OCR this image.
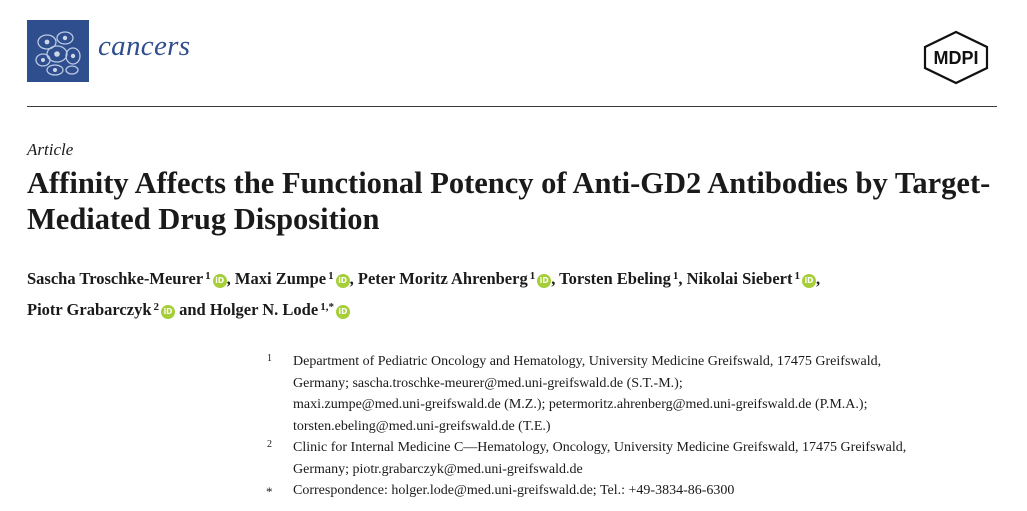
cancers	MDPI
Article
Affinity Affects the Functional Potency of Anti-GD2 Antibodies by Target-Mediated Drug Disposition
Sascha Troschke-Meurer $^1$ iD , Maxi Zumpe $^1$ iD , Peter Moritz Ahrenberg $^1$ iD , Torsten Ebeling $^1$, Nikolai Siebert $^1$ iD ,
Piotr Grabarczyk $^2$ iD and Holger N. Lode $^{1,*}$ iD
1 Department of Pediatric Oncology and Hematology, University Medicine Greifswald, 17475 Greifswald,
Germany; sascha.troschke-meurer@med.uni-greifswald.de (S.T.-M.);
maxi.zumpe@med.uni-greifswald.de (M.Z.); petermoritz.ahrenberg@med.uni-greifswald.de (P.M.A.);
torsten.ebeling@med.uni-greifswald.de (T.E.)
2 Clinic for Internal Medicine C—Hematology, Oncology, University Medicine Greifswald, 17475 Greifswald,
Germany; piotr.grabarczyk@med.uni-greifswald.de
* Correspondence: holger.lode@med.uni-greifswald.de; Tel.: +49-3834-86-6300
